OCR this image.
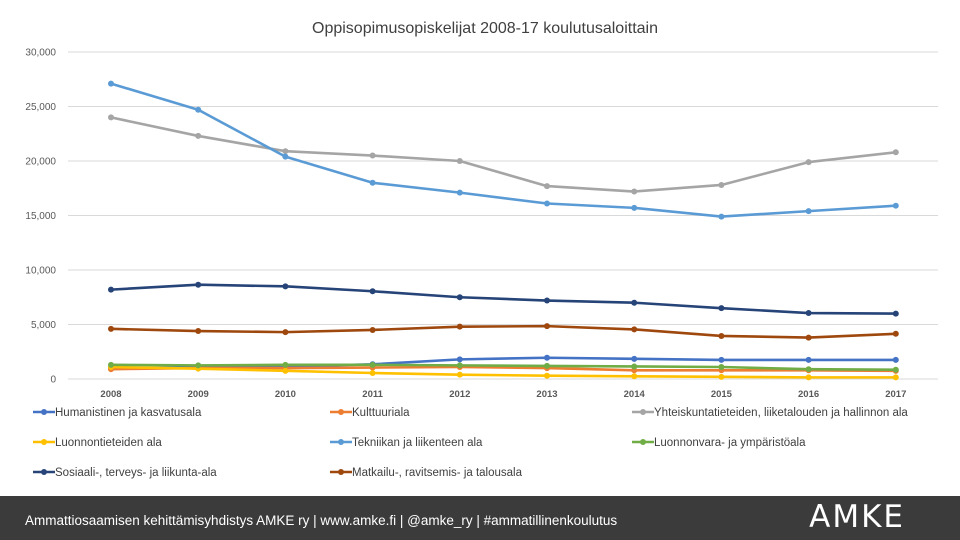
Oppisopimusopiskelijat 2008-17 koulutusaloittain
0
5,000
10,000
15,000
20,000
25,000
30,000
2008	2009	2010	2011	2012	2013	2014	2015	2016	2017
Humanistinen ja kasvatusala	Kulttuuriala	Yhteiskuntatieteiden, liiketalouden ja hallinnon ala
Luonnontieteiden ala	Tekniikan ja liikenteen ala	Luonnonvara- ja ympäristöala
Sosiaali-, terveys- ja liikunta-ala	Matkailu-, ravitsemis- ja talousala
Ammattiosaamisen kehittämisyhdistys AMKE ry | www.amke.fi | @amke_ry | #ammatillinenkoulutus	AMKE
